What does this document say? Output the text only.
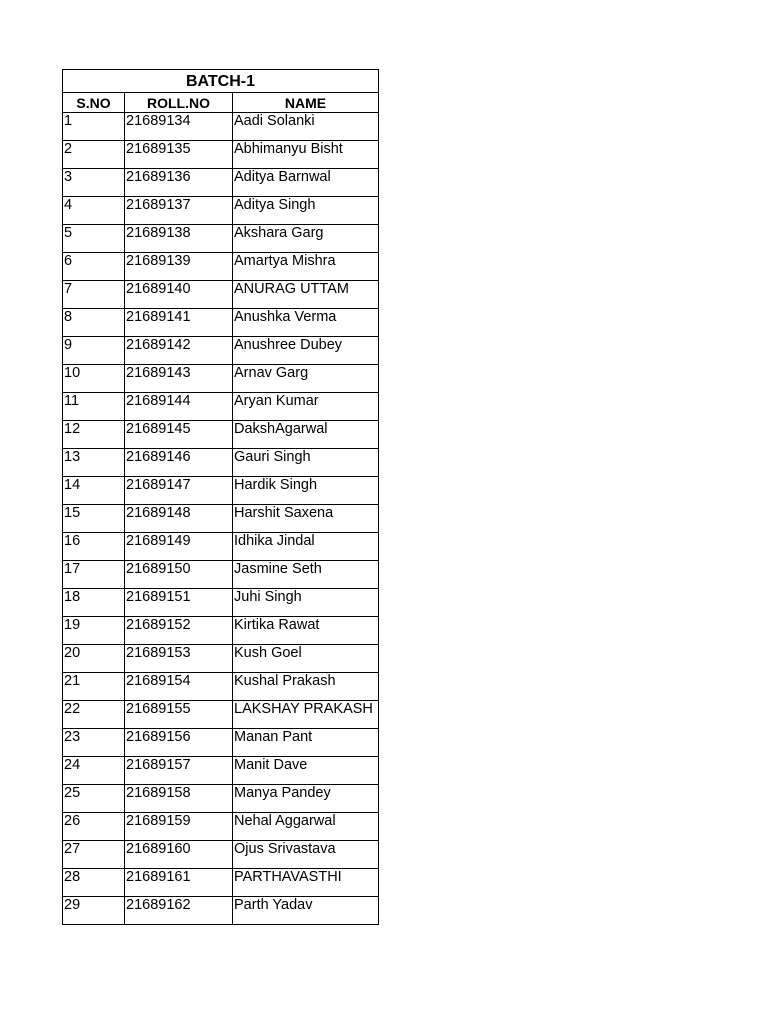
BATCH-1		
S.NO	ROLL.NO	NAME
1	21689134	Aadi Solanki

2	21689135	Abhimanyu Bisht

3	21689136	Aditya Barnwal

4	21689137	Aditya Singh

5	21689138	Akshara Garg

6	21689139	Amartya Mishra

7	21689140	ANURAG UTTAM

8	21689141	Anushka Verma

9	21689142	Anushree Dubey

10	21689143	Arnav Garg

11	21689144	Aryan Kumar

12	21689145	DakshAgarwal

13	21689146	Gauri Singh

14	21689147	Hardik Singh

15	21689148	Harshit Saxena

16	21689149	Idhika Jindal

17	21689150	Jasmine Seth

18	21689151	Juhi Singh

19	21689152	Kirtika Rawat

20	21689153	Kush Goel

21	21689154	Kushal Prakash

22	21689155	LAKSHAY PRAKASH

23	21689156	Manan Pant

24	21689157	Manit Dave

25	21689158	Manya Pandey

26	21689159	Nehal Aggarwal

27	21689160	Ojus Srivastava

28	21689161	PARTHAVASTHI

29	21689162	Parth Yadav
